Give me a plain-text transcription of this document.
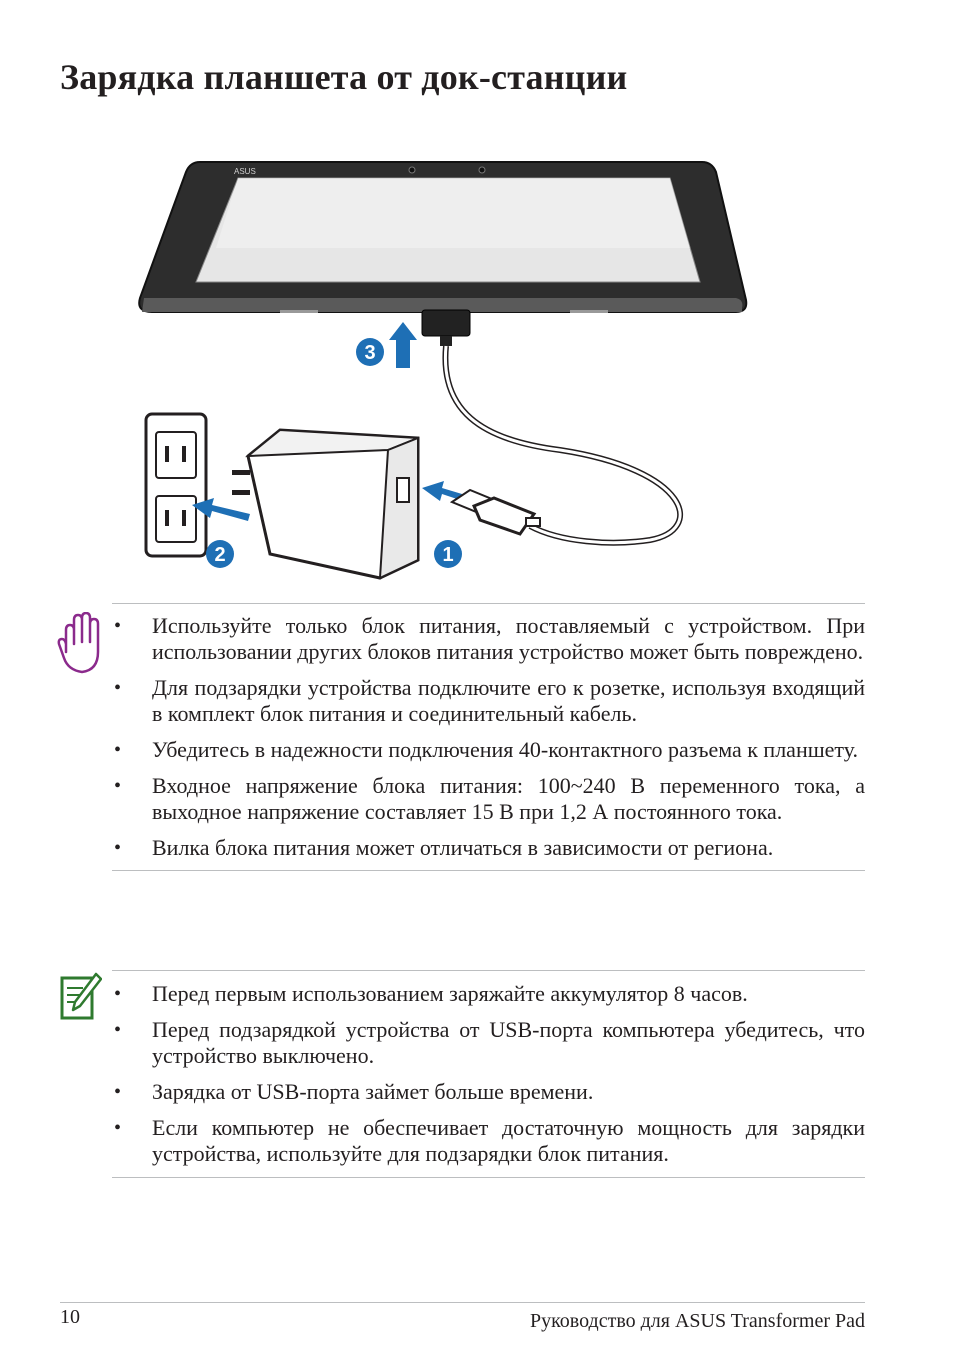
Зарядка планшета от док-станции
ASUS
3
2	1
• Используйте только блок питания, поставляемый с устройством. При использовании других блоков питания устройство может быть повреждено.
• Для подзарядки устройства подключите его к розетке, используя входящий в комплект блок питания и соединительный кабель.
• Убедитесь в надежности подключения 40-контактного разъема к планшету.
• Входное напряжение блока питания: 100~240 В переменного тока, а выходное напряжение составляет 15 В при 1,2 А постоянного тока.
• Вилка блока питания может отличаться в зависимости от региона.
• Перед первым использованием заряжайте аккумулятор 8 часов.
• Перед подзарядкой устройства от USB-порта компьютера убедитесь, что устройство выключено.
• Зарядка от USB-порта займет больше времени.
• Если компьютер не обеспечивает достаточную мощность для зарядки устройства, используйте для подзарядки блок питания.
10	Руководство для ASUS Transformer Pad
